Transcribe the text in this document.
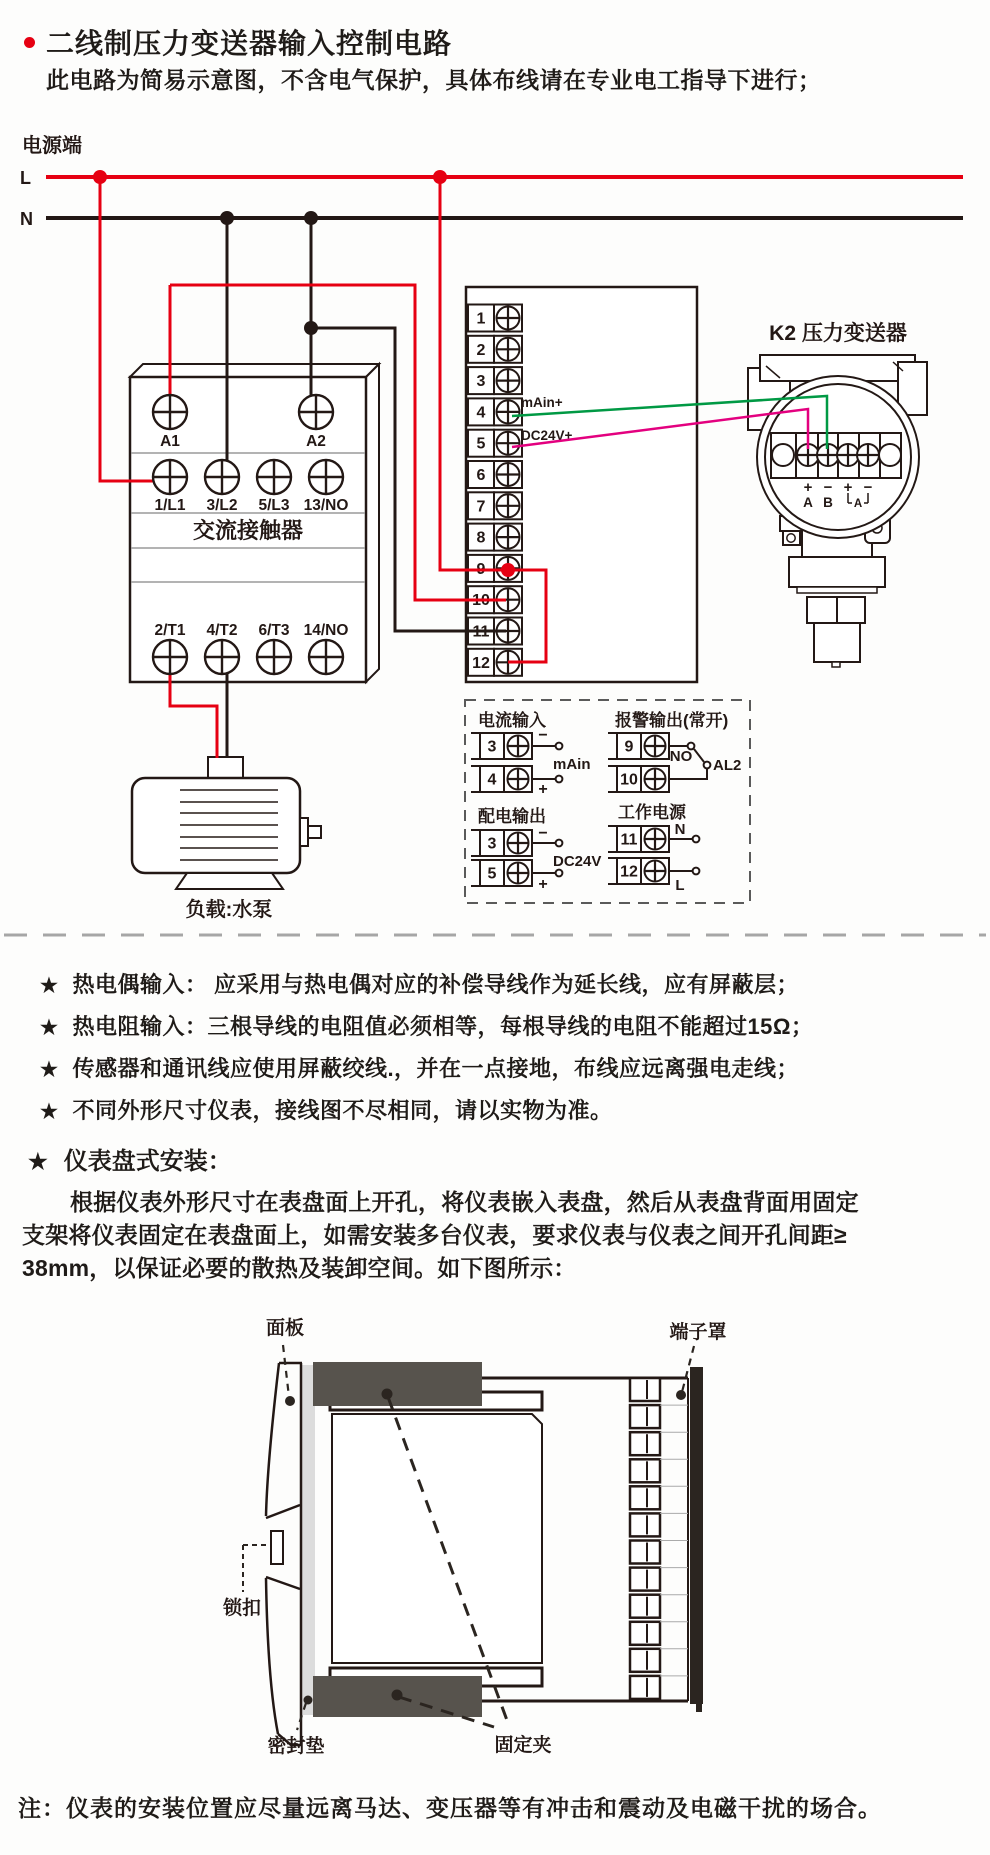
二线制压力变送器输入控制电路
此电路为简易示意图，不含电气保护，具体布线请在专业电工指导下进行；
电源端
L
N
1
2
3
4
5
6
7
8
9
10
11
12
mAin+
DC24V+
K2 压力变送器
+ − + −
A B A
负载:水泵
A1	A2
1/L1 3/L2 5/L3 13/NO
交流接触器
2/T1 4/T2 6/T3 14/NO
电流输入
3
4
−
+
mAin
报警输出(常开)
9
10
NO
AL2
配电输出
3
5
−
+
DC24V
工作电源
11
12
N
L
面板	端子罩
锁扣
密封垫	固定夹
★ 热电偶输入： 应采用与热电偶对应的补偿导线作为延长线，应有屏蔽层；
★ 热电阻输入：三根导线的电阻值必须相等，每根导线的电阻不能超过15Ω；
★ 传感器和通讯线应使用屏蔽绞线.，并在一点接地，布线应远离强电走线；
★ 不同外形尺寸仪表，接线图不尽相同，请以实物为准。
★ 仪表盘式安装：
根据仪表外形尺寸在表盘面上开孔，将仪表嵌入表盘，然后从表盘背面用固定
支架将仪表固定在表盘面上，如需安装多台仪表，要求仪表与仪表之间开孔间距≥
38mm，以保证必要的散热及装卸空间。如下图所示：
注：仪表的安装位置应尽量远离马达、变压器等有冲击和震动及电磁干扰的场合。
